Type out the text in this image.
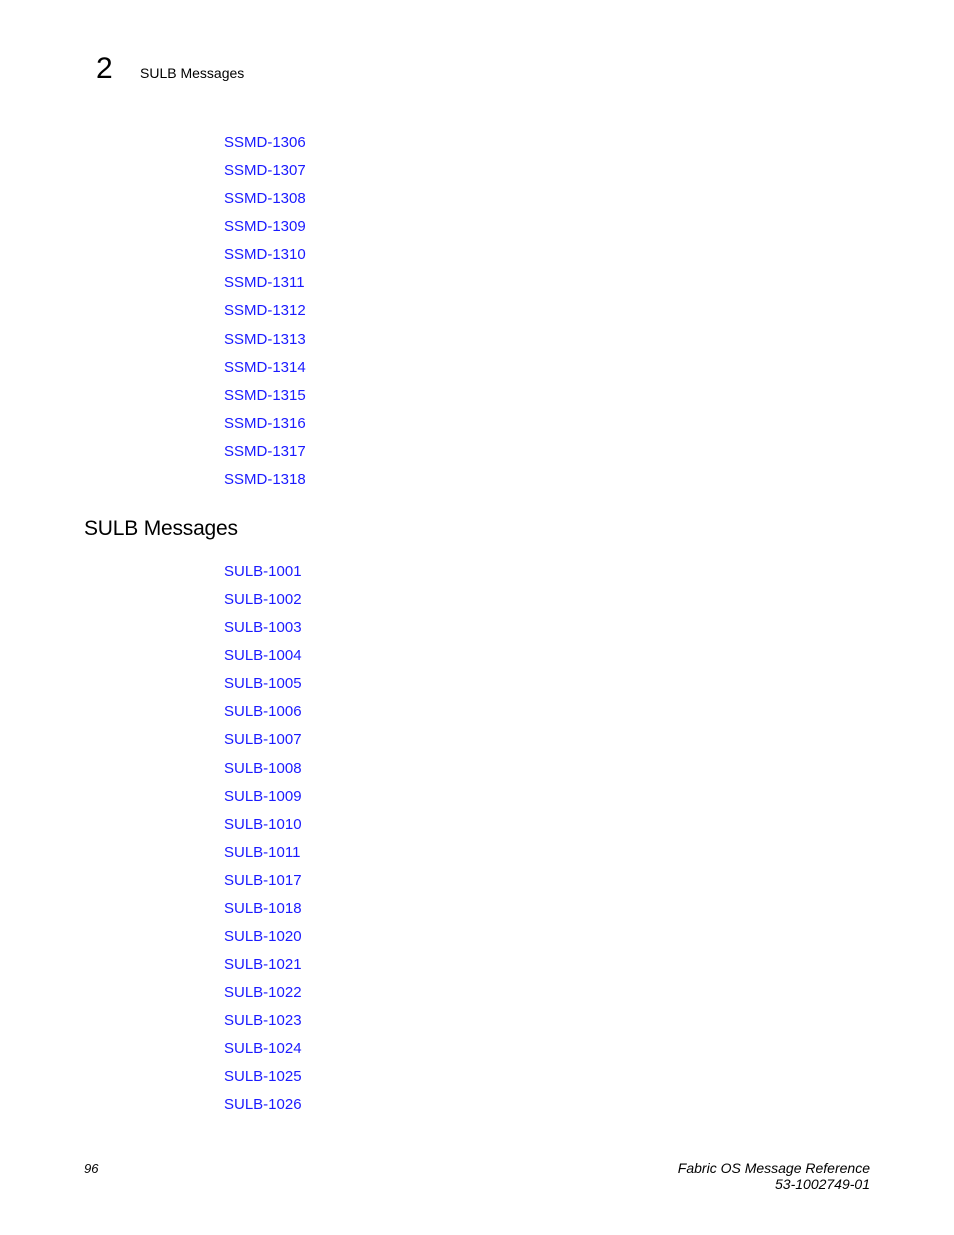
2 SULB Messages
SSMD-1306
SSMD-1307
SSMD-1308
SSMD-1309
SSMD-1310
SSMD-1311
SSMD-1312
SSMD-1313
SSMD-1314
SSMD-1315
SSMD-1316
SSMD-1317
SSMD-1318
SULB Messages
SULB-1001
SULB-1002
SULB-1003
SULB-1004
SULB-1005
SULB-1006
SULB-1007
SULB-1008
SULB-1009
SULB-1010
SULB-1011
SULB-1017
SULB-1018
SULB-1020
SULB-1021
SULB-1022
SULB-1023
SULB-1024
SULB-1025
SULB-1026
96	Fabric OS Message Reference
53-1002749-01
